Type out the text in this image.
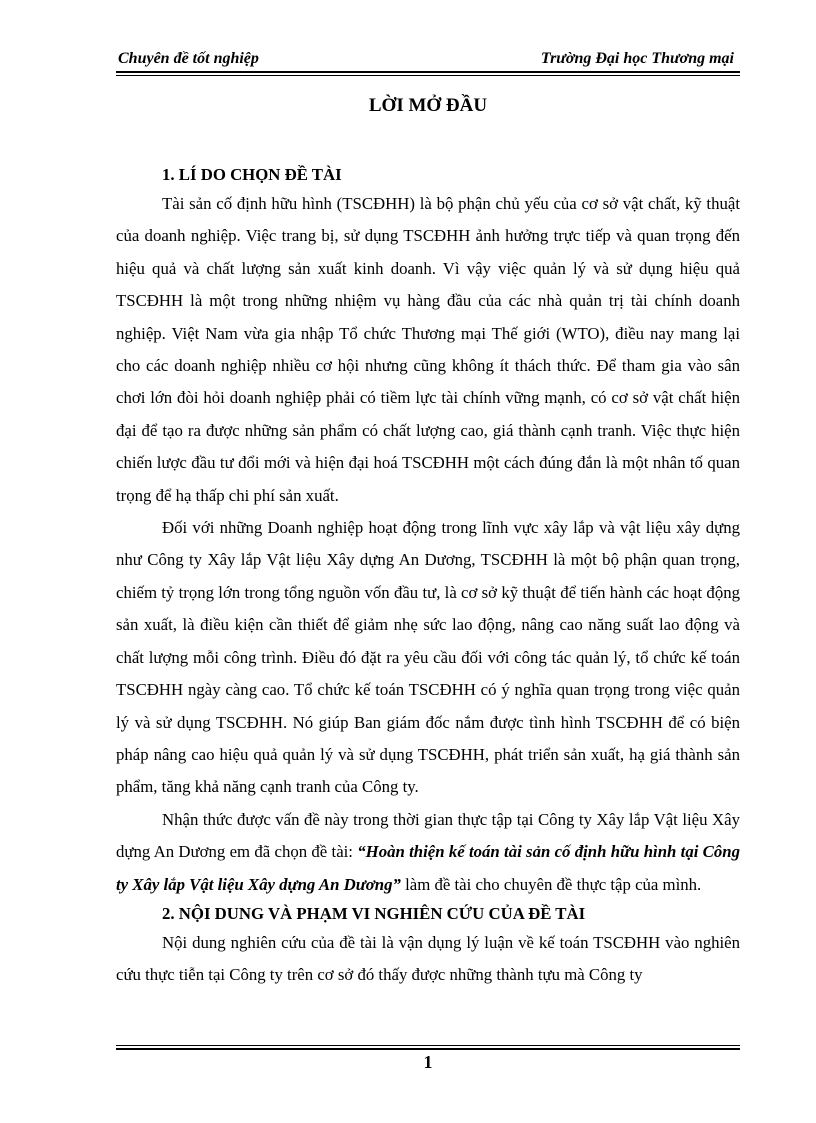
Chuyên đề tốt nghiệp	Trường Đại học Thương mại
LỜI MỞ ĐẦU

1. LÍ DO CHỌN ĐỀ TÀI

Tài sản cố định hữu hình (TSCĐHH) là bộ phận chủ yếu của cơ sở vật chất, kỹ thuật của doanh nghiệp. Việc trang bị, sử dụng TSCĐHH ảnh hưởng trực tiếp và quan trọng đến hiệu quả và chất lượng sản xuất kinh doanh. Vì vậy việc quản lý và sử dụng hiệu quả TSCĐHH là một trong những nhiệm vụ hàng đầu của các nhà quản trị tài chính doanh nghiệp. Việt Nam vừa gia nhập Tổ chức Thương mại Thế giới (WTO), điều nay mang lại cho các doanh nghiệp nhiều cơ hội nhưng cũng không ít thách thức. Để tham gia vào sân chơi lớn đòi hỏi doanh nghiệp phải có tiềm lực tài chính vững mạnh, có cơ sở vật chất hiện đại để tạo ra được những sản phẩm có chất lượng cao, giá thành cạnh tranh. Việc thực hiện chiến lược đầu tư đổi mới và hiện đại hoá TSCĐHH một cách đúng đắn là một nhân tố quan trọng để hạ thấp chi phí sản xuất.

Đối với những Doanh nghiệp hoạt động trong lĩnh vực xây lắp và vật liệu xây dựng như Công ty Xây lắp Vật liệu Xây dựng An Dương, TSCĐHH là một bộ phận quan trọng, chiếm tỷ trọng lớn trong tổng nguồn vốn đầu tư, là cơ sở kỹ thuật để tiến hành các hoạt động sản xuất, là điều kiện cần thiết để giảm nhẹ sức lao động, nâng cao năng suất lao động và chất lượng mỗi công trình. Điều đó đặt ra yêu cầu đối với công tác quản lý, tổ chức kế toán TSCĐHH ngày càng cao. Tổ chức kế toán TSCĐHH có ý nghĩa quan trọng trong việc quản lý và sử dụng TSCĐHH. Nó giúp Ban giám đốc nắm được tình hình TSCĐHH để có biện pháp nâng cao hiệu quả quản lý và sử dụng TSCĐHH, phát triển sản xuất, hạ giá thành sản phẩm, tăng khả năng cạnh tranh của Công ty.

Nhận thức được vấn đề này trong thời gian thực tập tại Công ty Xây lắp Vật liệu Xây dựng An Dương em đã chọn đề tài: “Hoàn thiện kế toán tài sản cố định hữu hình tại Công ty Xây lắp Vật liệu Xây dựng An Dương” làm đề tài cho chuyên đề thực tập của mình.

2. NỘI DUNG VÀ PHẠM VI NGHIÊN CỨU CỦA ĐỀ TÀI

Nội dung nghiên cứu của đề tài là vận dụng lý luận về kế toán TSCĐHH vào nghiên cứu thực tiễn tại Công ty trên cơ sở đó thấy được những thành tựu mà Công ty

1
